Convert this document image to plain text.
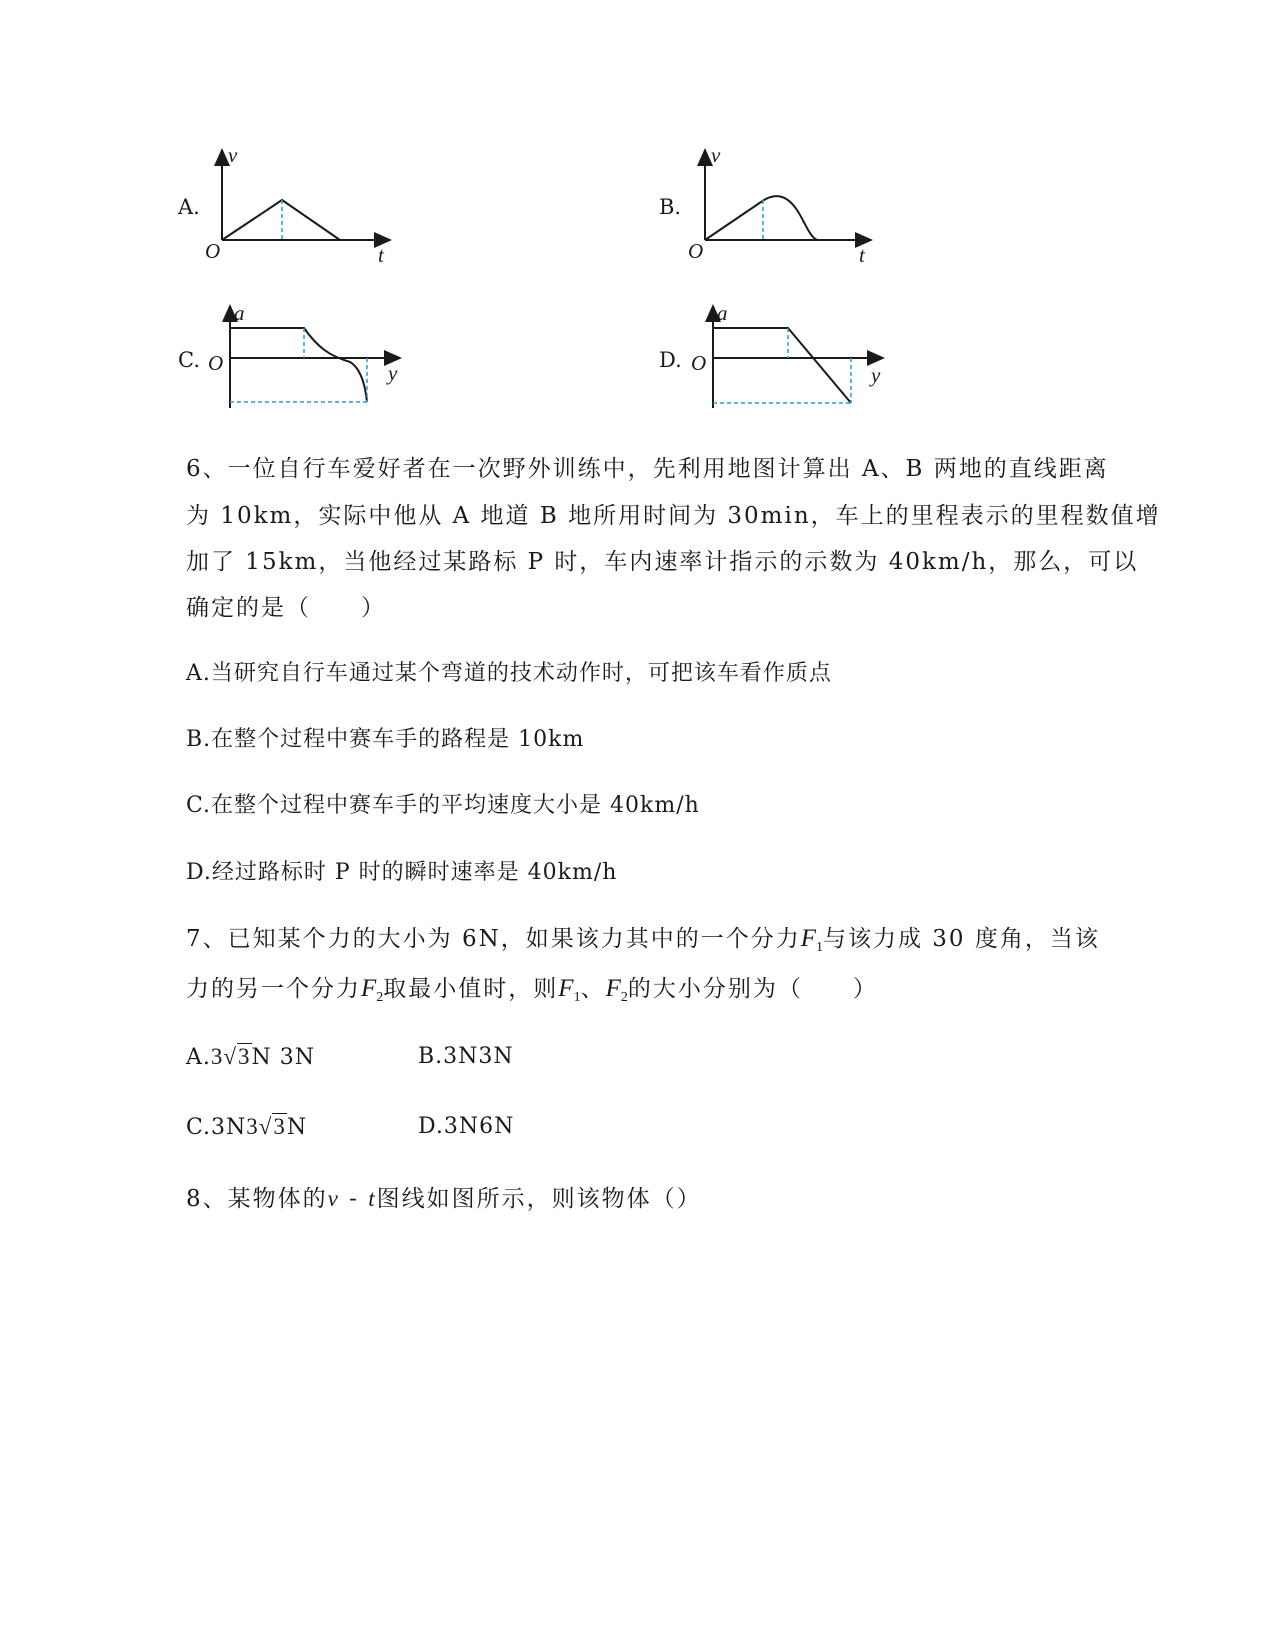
A.
v
t
O
B.
v
t
O
C.
a
y
O	D.
a
y
O
6、一位自行车爱好者在一次野外训练中，先利用地图计算出 A、B 两地的直线距离
为 10km，实际中他从 A 地道 B 地所用时间为 30min，车上的里程表示的里程数值增
加了 15km，当他经过某路标 P 时，车内速率计指示的示数为 40km/h，那么，可以
确定的是（　　）
A.当研究自行车通过某个弯道的技术动作时，可把该车看作质点
B.在整个过程中赛车手的路程是 10km
C.在整个过程中赛车手的平均速度大小是 40km/h
D.经过路标时 P 时的瞬时速率是 40km/h
7、已知某个力的大小为 6N，如果该力其中的一个分力$F_1$与该力成 30 度角，当该
力的另一个分力$F_2$取最小值时，则$F_1$、$F_2$的大小分别为（　　）
A.3√3N 3N	B.3N3N
C.3N3√3N	D.3N6N
8、某物体的v - t图线如图所示，则该物体（）
